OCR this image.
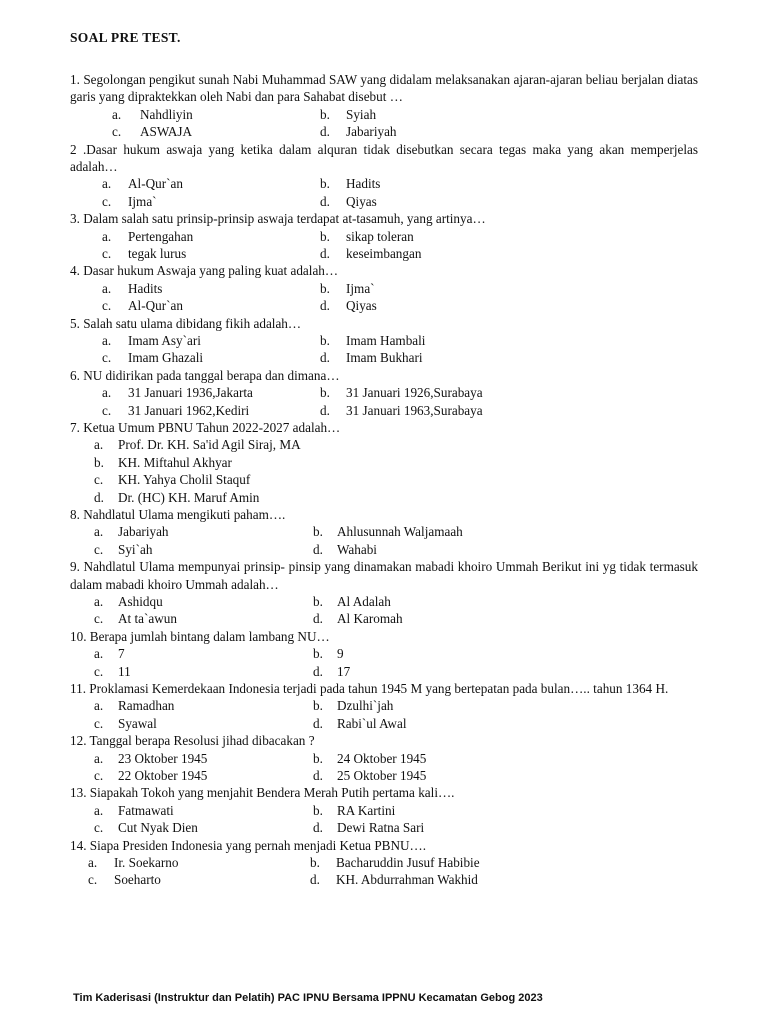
SOAL PRE TEST.
1. Segolongan pengikut sunah Nabi Muhammad SAW yang didalam melaksanakan ajaran-ajaran beliau berjalan diatas garis yang dipraktekkan oleh Nabi dan para Sahabat disebut …
a.	Nahdliyin	b.	Syiah
c.	ASWAJA	d.	Jabariyah
2 .Dasar hukum aswaja yang ketika dalam alquran tidak disebutkan secara tegas maka yang akan memperjelas adalah…
a.	Al-Qur`an	b.	Hadits
c.	Ijma`	d.	Qiyas
3. Dalam salah satu prinsip-prinsip aswaja terdapat at-tasamuh, yang artinya…
a.	Pertengahan	b.	sikap toleran
c.	tegak lurus	d.	keseimbangan
4. Dasar hukum Aswaja yang paling kuat adalah…
a.	Hadits	b.	Ijma`
c.	Al-Qur`an	d.	Qiyas
5. Salah satu ulama dibidang fikih adalah…
a.	Imam Asy`ari	b.	Imam Hambali
c.	Imam Ghazali	d.	Imam Bukhari
6. NU didirikan pada tanggal berapa dan dimana…
a.	31 Januari 1936,Jakarta	b.	31 Januari 1926,Surabaya
c.	31 Januari 1962,Kediri	d.	31 Januari 1963,Surabaya
7. Ketua Umum PBNU Tahun 2022-2027 adalah…
a.	Prof. Dr. KH. Sa'id Agil Siraj, MA
b.	KH. Miftahul Akhyar
c.	KH. Yahya Cholil Staquf
d.	Dr. (HC) KH. Maruf Amin
8. Nahdlatul Ulama mengikuti paham….
a.	Jabariyah	b.	Ahlusunnah Waljamaah
c.	Syi`ah	d.	Wahabi
9. Nahdlatul Ulama mempunyai prinsip- pinsip yang dinamakan mabadi khoiro Ummah Berikut ini yg tidak termasuk dalam mabadi khoiro Ummah adalah…
a.	Ashidqu	b.	Al Adalah
c.	At ta`awun	d.	Al Karomah
10. Berapa jumlah bintang dalam lambang NU…
a.	7	b.	9
c.	11	d.	17
11. Proklamasi Kemerdekaan Indonesia terjadi pada tahun 1945 M yang bertepatan pada bulan….. tahun 1364 H.
a.	Ramadhan	b.	Dzulhi`jah
c.	Syawal	d.	Rabi`ul Awal
12. Tanggal berapa Resolusi jihad dibacakan ?
a.	23 Oktober 1945	b.	24 Oktober 1945
c.	22 Oktober 1945	d.	25 Oktober 1945
13. Siapakah Tokoh yang menjahit Bendera Merah Putih pertama kali….
a.	Fatmawati	b.	RA Kartini
c.	Cut Nyak Dien	d.	Dewi Ratna Sari
14. Siapa Presiden Indonesia yang pernah menjadi Ketua PBNU….
a.	Ir. Soekarno	b.	Bacharuddin Jusuf Habibie
c.	Soeharto	d.	KH. Abdurrahman Wakhid
Tim Kaderisasi (Instruktur dan Pelatih) PAC IPNU Bersama IPPNU Kecamatan Gebog 2023
